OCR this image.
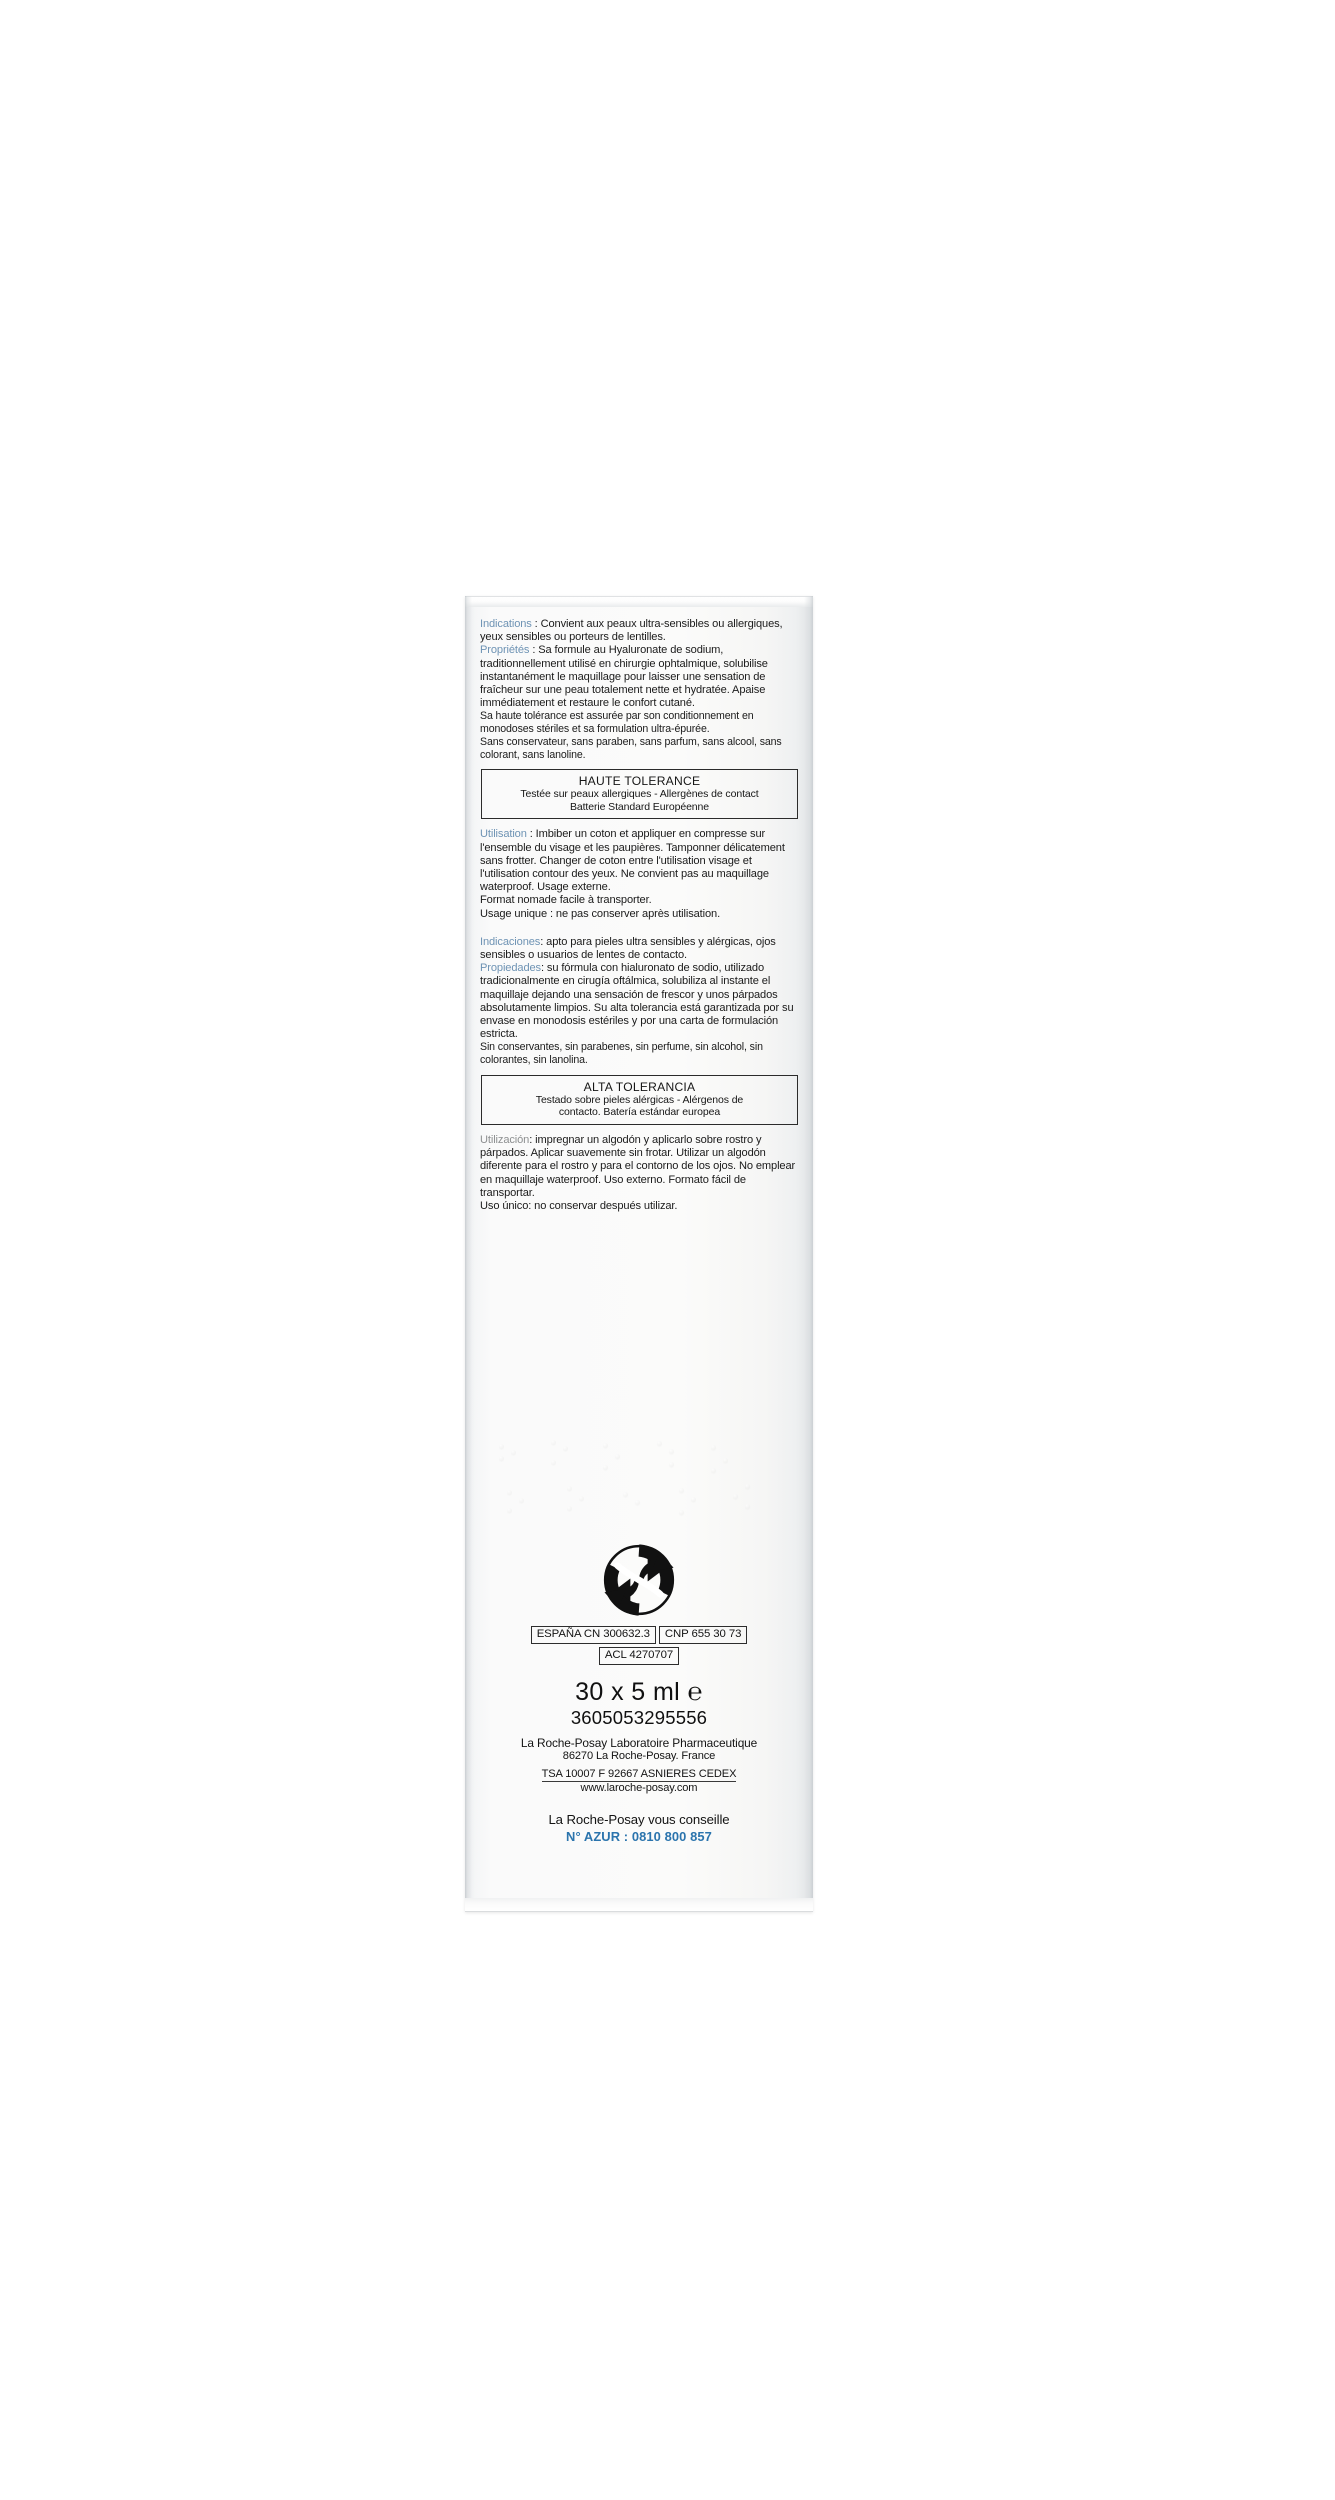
Indications : Convient aux peaux ultra-sensibles ou allergiques, yeux sensibles ou porteurs de lentilles.

Propriétés : Sa formule au Hyaluronate de sodium, traditionnellement utilisé en chirurgie ophtalmique, solubilise instantanément le maquillage pour laisser une sensation de fraîcheur sur une peau totalement nette et hydratée. Apaise immédiatement et restaure le confort cutané.

Sa haute tolérance est assurée par son conditionnement en monodoses stériles et sa formulation ultra-épurée.

Sans conservateur, sans paraben, sans parfum, sans alcool, sans colorant, sans lanoline.

HAUTE TOLERANCE
Testée sur peaux allergiques - Allergènes de contact
Batterie Standard Européenne

Utilisation : Imbiber un coton et appliquer en compresse sur l'ensemble du visage et les paupières. Tamponner délicatement sans frotter. Changer de coton entre l'utilisation visage et l'utilisation contour des yeux. Ne convient pas au maquillage waterproof. Usage externe.

Format nomade facile à transporter.

Usage unique : ne pas conserver après utilisation.

Indicaciones: apto para pieles ultra sensibles y alérgicas, ojos sensibles o usuarios de lentes de contacto.

Propiedades: su fórmula con hialuronato de sodio, utilizado tradicionalmente en cirugía oftálmica, solubiliza al instante el maquillaje dejando una sensación de frescor y unos párpados absolutamente limpios. Su alta tolerancia está garantizada por su envase en monodosis estériles y por una carta de formulación estricta.

Sin conservantes, sin parabenes, sin perfume, sin alcohol, sin colorantes, sin lanolina.

ALTA TOLERANCIA
Testado sobre pieles alérgicas - Alérgenos de
contacto. Batería estándar europea

Utilización: impregnar un algodón y aplicarlo sobre rostro y párpados. Aplicar suavemente sin frotar. Utilizar un algodón diferente para el rostro y para el contorno de los ojos. No emplear en maquillaje waterproof. Uso externo. Formato fácil de transportar.

Uso único: no conservar después utilizar.

ESPAÑA CN 300632.3	CNP 655 30 73
ACL 4270707
30 x 5 ml ℮
3605053295556
La Roche-Posay Laboratoire Pharmaceutique
86270 La Roche-Posay. France
TSA 10007 F 92667 ASNIERES CEDEX
www.laroche-posay.com
La Roche-Posay vous conseille
N° AZUR : 0810 800 857
